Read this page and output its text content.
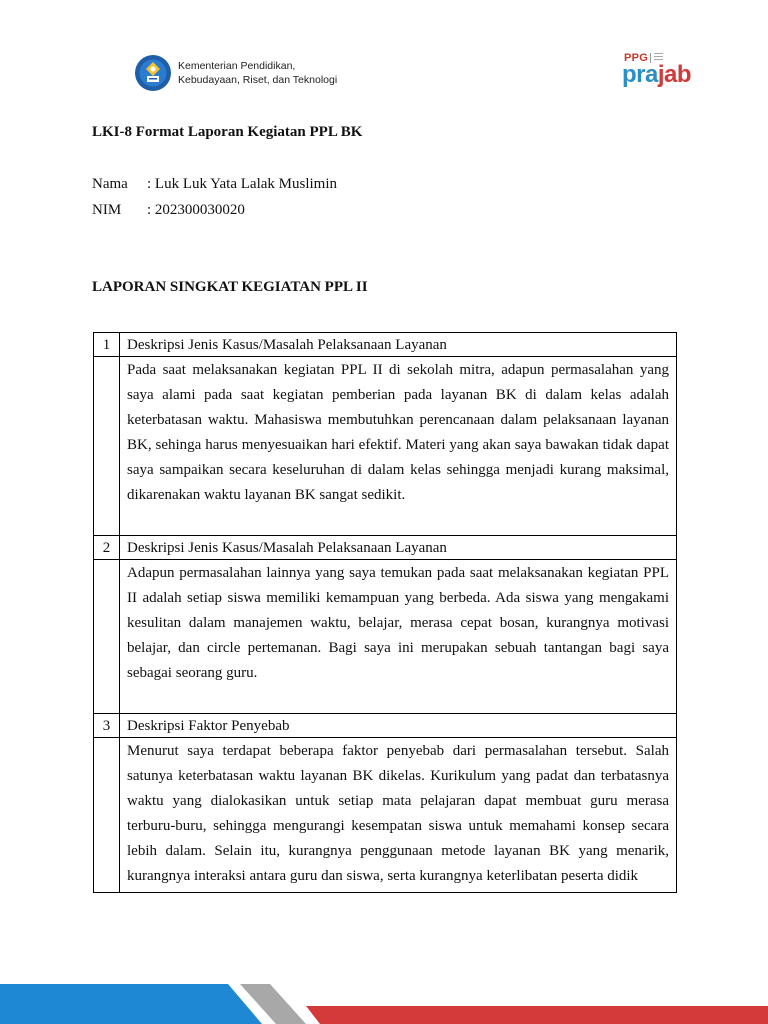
Kementerian Pendidikan,
Kebudayaan, Riset, dan Teknologi
PPG
prajab
LKI-8 Format Laporan Kegiatan PPL BK
Nama : Luk Luk Yata Lalak Muslimin
NIM : 202300030020
LAPORAN SINGKAT KEGIATAN PPL II
1	Deskripsi Jenis Kasus/Masalah Pelaksanaan Layanan
	Pada saat melaksanakan kegiatan PPL II di sekolah mitra, adapun permasalahan yang saya alami pada saat kegiatan pemberian pada layanan BK di dalam kelas adalah keterbatasan waktu. Mahasiswa membutuhkan perencanaan dalam pelaksanaan layanan BK, sehinga harus menyesuaikan hari efektif. Materi yang akan saya bawakan tidak dapat saya sampaikan secara keseluruhan di dalam kelas sehingga menjadi kurang maksimal, dikarenakan waktu layanan BK sangat sedikit.
2	Deskripsi Jenis Kasus/Masalah Pelaksanaan Layanan
	Adapun permasalahan lainnya yang saya temukan pada saat melaksanakan kegiatan PPL II adalah setiap siswa memiliki kemampuan yang berbeda. Ada siswa yang mengakami kesulitan dalam manajemen waktu, belajar, merasa cepat bosan, kurangnya motivasi belajar, dan circle pertemanan. Bagi saya ini merupakan sebuah tantangan bagi saya sebagai seorang guru.
3	Deskripsi Faktor Penyebab

	Menurut saya terdapat beberapa faktor penyebab dari permasalahan tersebut. Salah satunya keterbatasan waktu layanan BK dikelas. Kurikulum yang padat dan terbatasnya waktu yang dialokasikan untuk setiap mata pelajaran dapat membuat guru merasa terburu-buru, sehingga mengurangi kesempatan siswa untuk memahami konsep secara lebih dalam. Selain itu, kurangnya penggunaan metode layanan BK yang menarik, kurangnya interaksi antara guru dan siswa, serta kurangnya keterlibatan peserta didik
